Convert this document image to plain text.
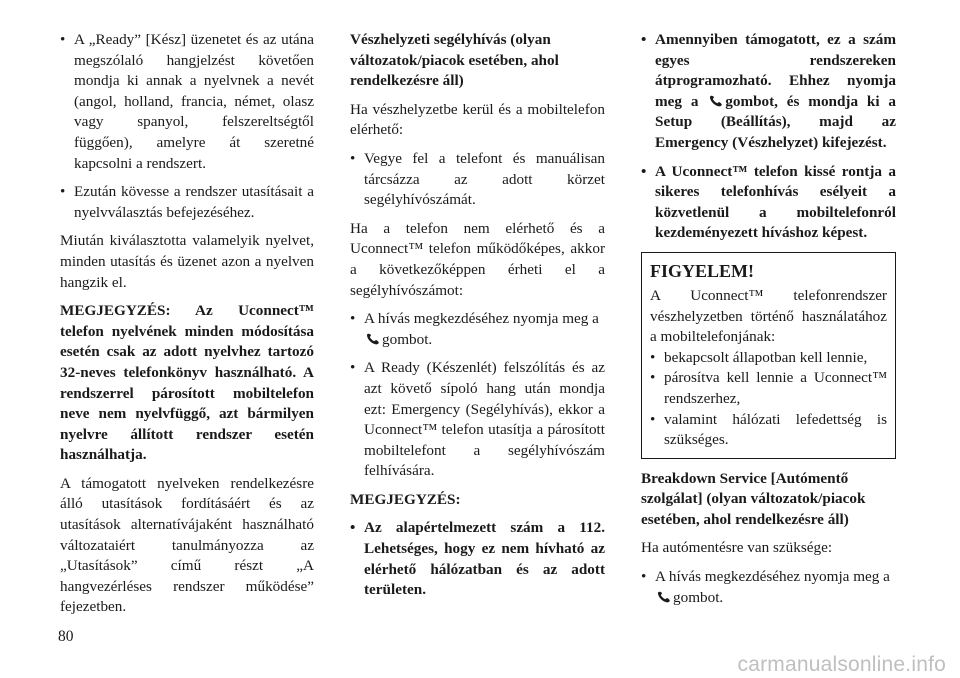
• A „Ready” [Kész] üzenetet és az utána megszólaló hangjelzést követően mondja ki annak a nyelvnek a nevét (angol, holland, francia, német, olasz vagy spanyol, felszereltségtől függően), amelyre át szeretné kapcsolni a rendszert.
• Ezután kövesse a rendszer utasításait a nyelvválasztás befejezéséhez.

Miután kiválasztotta valamelyik nyelvet, minden utasítás és üzenet azon a nyelven hangzik el.

MEGJEGYZÉS: Az Uconnect™ telefon nyelvének minden módosítása esetén csak az adott nyelvhez tartozó 32-neves telefonkönyv használható. A rendszerrel párosított mobiltelefon neve nem nyelvfüggő, azt bármilyen nyelvre állított rendszer esetén használhatja.

A támogatott nyelveken rendelkezésre álló utasítások fordításáért és az utasítások alternatívájaként használható változataiért tanulmányozza az „Utasítások” című részt „A hangvezérléses rendszer működése” fejezetben.

Vészhelyzeti segélyhívás (olyan változatok/piacok esetében, ahol rendelkezésre áll)

Ha vészhelyzetbe kerül és a mobiltelefon elérhető:

• Vegye fel a telefont és manuálisan tárcsázza az adott körzet segélyhívószámát.

Ha a telefon nem elérhető és a Uconnect™ telefon működőképes, akkor a következőképpen érheti el a segélyhívószámot:

• A hívás megkezdéséhez nyomja meg a
gombot.
• A Ready (Készenlét) felszólítás és az azt követő sípoló hang után mondja ezt: Emergency (Segélyhívás), ekkor a Uconnect™ telefon utasítja a párosított mobiltelefont a segélyhívószám felhívására.
MEGJEGYZÉS:
• Az alapértelmezett szám a 112. Lehetséges, hogy ez nem hívható az elérhető hálózatban és az adott területen.
• Amennyiben támogatott, ez a szám egyes rendszereken átprogramozható. Ehhez nyomja meg a gombot, és mondja ki a Setup (Beállítás), majd az Emergency (Vészhelyzet) kifejezést.
• A Uconnect™ telefon kissé rontja a sikeres telefonhívás esélyeit a közvetlenül a mobiltelefonról kezdeményezett híváshoz képest.
FIGYELEM!

A Uconnect™ telefonrendszer vészhelyzetben történő használatához a mobiltelefonjának:

• bekapcsolt állapotban kell lennie,
• párosítva kell lennie a Uconnect™ rendszerhez,
• valamint hálózati lefedettség is szükséges.
Breakdown Service [Autómentő szolgálat] (olyan változatok/piacok esetében, ahol rendelkezésre áll)

Ha autómentésre van szüksége:

• A hívás megkezdéséhez nyomja meg a
gombot.
80
carmanualsonline.info
